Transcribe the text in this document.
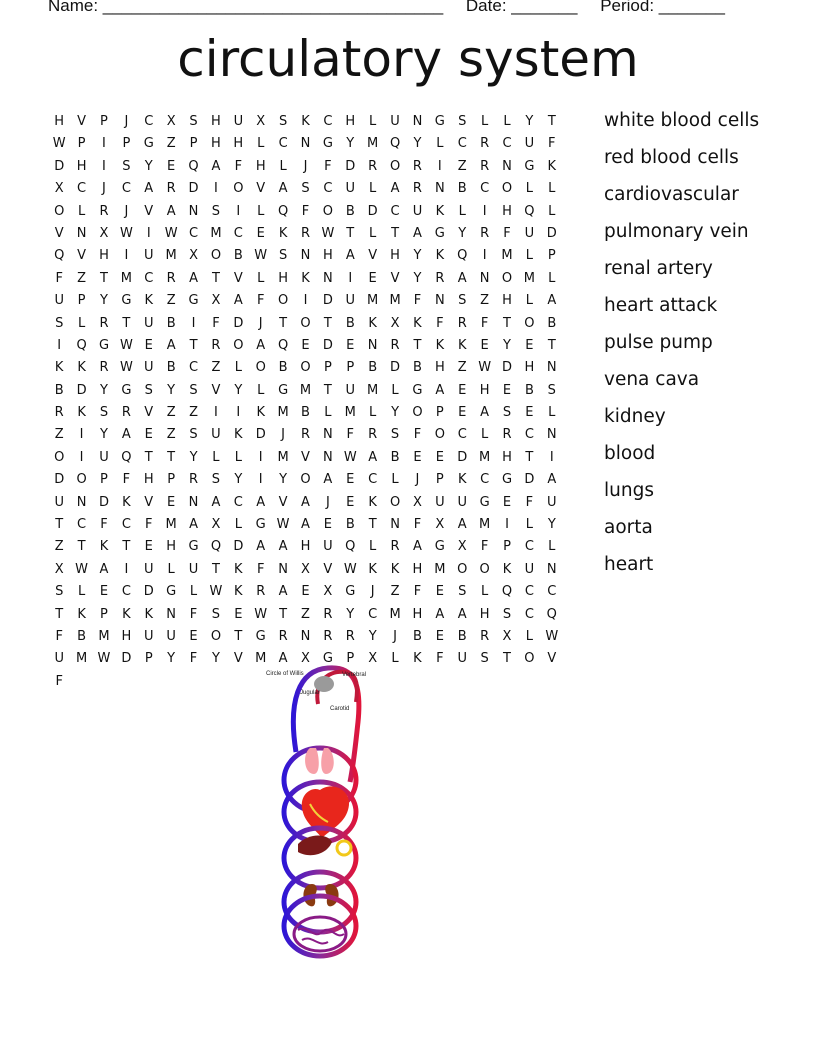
Name: ____________________________________ Date: _______ Period: _______
circulatory system
H	V	P	J	C	X	S	H U	X	S	K	C H	L	U N G	S	L	L	Y	T
W P	I	P	G Z	P	H H	L	C N G	Y M Q	Y	L	C	R	C	U	F
D H	I	S	Y	E	Q A	F	H	L	J	F	D R O R	I	Z	R	N G	K
X	C	J	C	A	R D	I	O V	A	S	C	U	L	A	R	N	B	C O	L	L
O	L	R	J	V	A	N	S	I	L	Q	F	O B D C	U	K	L	I	H Q	L
V	N	X W	I	W C M C	E	K	R W T	L	T	A G	Y	R	F	U D
Q V	H	I	U M X O B W S	N H	A	V	H	Y	K	Q	I	M	L	P
F	Z	T M C	R	A	T	V	L	H	K	N	I	E	V	Y	R	A	N O M	L
U	P	Y	G	K	Z G X	A	F	O	I	D U M M	F	N	S	Z	H	L	A
S	L	R	T	U	B	I	F	D	J	T	O	T	B	K	X	K	F	R	F	T	O B
I	Q G W E	A	T	R O A Q	E	D	E	N	R	T	K	K	E	Y	E	T
K	K	R W U	B	C	Z	L	O B O	P	P	B D B	H	Z W D H N
B D	Y	G	S	Y	S	V	Y	L	G M T	U M	L	G A	E	H	E	B	S
R	K	S	R	V	Z	Z	I	I	K M B	L	M	L	Y	O	P	E	A	S	E	L
Z	I	Y	A	E	Z	S	U	K	D	J	R	N	F	R	S	F	O C	L	R	C N
O	I	U Q	T	T	Y	L	L	I	M V	N W A	B	E	E	D M H	T	I
D O	P	F	H	P	R	S	Y	I	Y	O A	E	C	L	J	P	K	C G D A
U N D	K	V	E	N	A	C	A	V	A	J	E	K	O X	U U G	E	F	U
T	C	F	C	F	M A	X	L	G W A	E	B	T	N	F	X	A M	I	L	Y
Z	T	K	T	E	H G Q D A	A	H U Q	L	R	A G X	F	P	C	L
X W A	I	U	L	U	T	K	F	N	X	V W K	K	H M O O	K	U N
S	L	E	C D G	L W K	R	A	E	X G	J	Z	F	E	S	L	Q C	C
T	K	P	K	K	N	F	S	E W T	Z	R	Y	C M H	A	A	H	S	C Q
F	B M H U U	E	O	T	G R	N	R	R	Y	J	B	E	B	R	X	L W
U M W D	P	Y	F	Y	V M A	X G	P	X	L	K	F	U	S	T	O V
F
white blood cells
red blood cells
cardiovascular
pulmonary vein
renal artery
heart attack
pulse pump
vena cava
kidney
blood
lungs
aorta
heart
Circle of Willis	Vertebral
Jugular
Carotid
